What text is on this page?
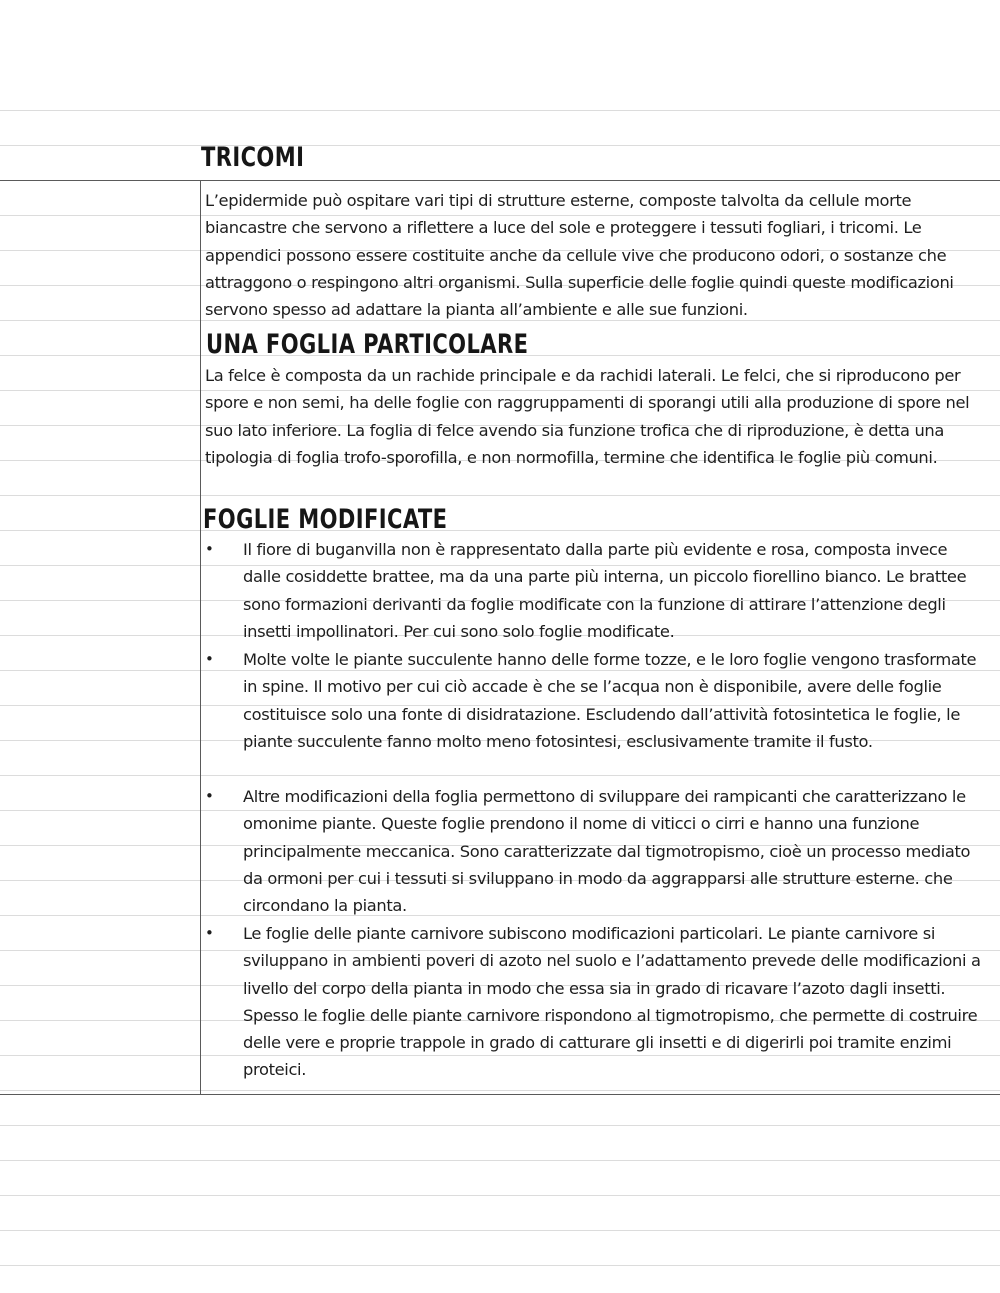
TRICOMI

L’epidermide può ospitare vari tipi di strutture esterne, composte talvolta da cellule morte biancastre che servono a riflettere a luce del sole e proteggere i tessuti fogliari, i tricomi. Le appendici possono essere costituite anche da cellule vive che producono odori, o sostanze che attraggono o respingono altri organismi. Sulla superficie delle foglie quindi queste modificazioni servono spesso ad adattare la pianta all’ambiente e alle sue funzioni.

UNA FOGLIA PARTICOLARE

La felce è composta da un rachide principale e da rachidi laterali. Le felci, che si riproducono per spore e non semi, ha delle foglie con raggruppamenti di sporangi utili alla produzione di spore nel suo lato inferiore. La foglia di felce avendo sia funzione trofica che di riproduzione, è detta una tipologia di foglia trofo-sporofilla, e non normofilla, termine che identifica le foglie più comuni.

FOGLIE MODIFICATE
• Il fiore di buganvilla non è rappresentato dalla parte più evidente e rosa, composta invece dalle cosiddette brattee, ma da una parte più interna, un piccolo fiorellino bianco. Le brattee sono formazioni derivanti da foglie modificate con la funzione di attirare l’attenzione degli insetti impollinatori. Per cui sono solo foglie modificate.

• Molte volte le piante succulente hanno delle forme tozze, e le loro foglie vengono trasformate in spine. Il motivo per cui ciò accade è che se l’acqua non è disponibile, avere delle foglie costituisce solo una fonte di disidratazione. Escludendo dall’attività fotosintetica le foglie, le piante succulente fanno molto meno fotosintesi, esclusivamente tramite il fusto.

• Altre modificazioni della foglia permettono di sviluppare dei rampicanti che caratterizzano le omonime piante. Queste foglie prendono il nome di viticci o cirri e hanno una funzione principalmente meccanica. Sono caratterizzate dal tigmotropismo, cioè un processo mediato da ormoni per cui i tessuti si sviluppano in modo da aggrapparsi alle strutture esterne. che circondano la pianta.

• Le foglie delle piante carnivore subiscono modificazioni particolari. Le piante carnivore si sviluppano in ambienti poveri di azoto nel suolo e l’adattamento prevede delle modificazioni a livello del corpo della pianta in modo che essa sia in grado di ricavare l’azoto dagli insetti. Spesso le foglie delle piante carnivore rispondono al tigmotropismo, che permette di costruire delle vere e proprie trappole in grado di catturare gli insetti e di digerirli poi tramite enzimi proteici.
